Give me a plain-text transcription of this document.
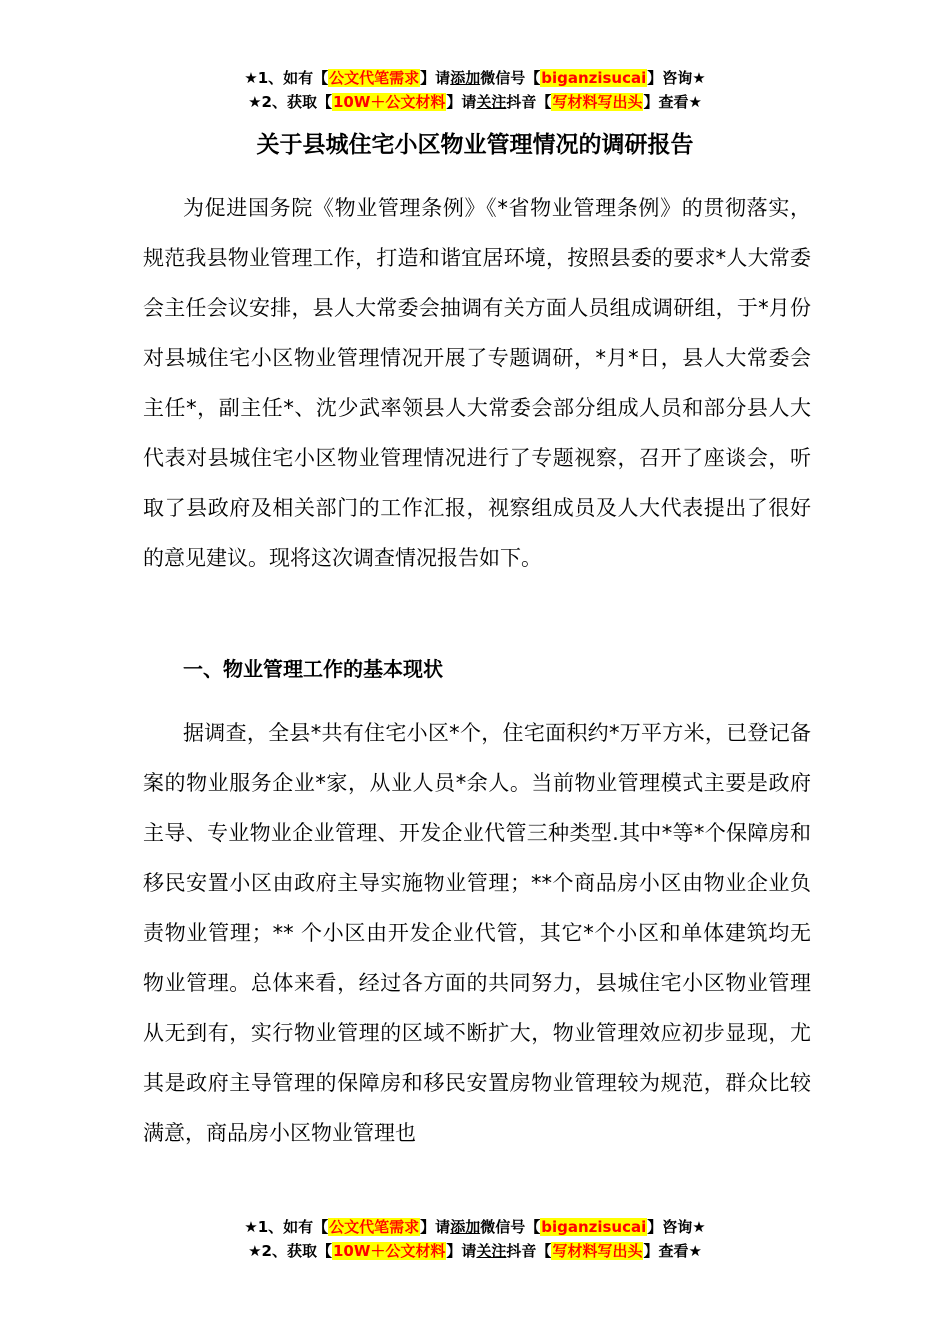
★1、如有【公文代笔需求】请添加微信号【biganzisucai】咨询★
★2、获取【10W＋公文材料】请关注抖音【写材料写出头】查看★
关于县城住宅小区物业管理情况的调研报告

为促进国务院《物业管理条例》《*省物业管理条例》的贯彻落实，规范我县物业管理工作，打造和谐宜居环境，按照县委的要求*人大常委会主任会议安排，县人大常委会抽调有关方面人员组成调研组，于*月份对县城住宅小区物业管理情况开展了专题调研，*月*日，县人大常委会主任*，副主任*、沈少武率领县人大常委会部分组成人员和部分县人大代表对县城住宅小区物业管理情况进行了专题视察，召开了座谈会，听取了县政府及相关部门的工作汇报，视察组成员及人大代表提出了很好的意见建议。现将这次调查情况报告如下。

一、物业管理工作的基本现状

据调查，全县*共有住宅小区*个，住宅面积约*万平方米，已登记备案的物业服务企业*家，从业人员*余人。当前物业管理模式主要是政府主导、专业物业企业管理、开发企业代管三种类型.其中*等*个保障房和移民安置小区由政府主导实施物业管理；**个商品房小区由物业企业负责物业管理；** 个小区由开发企业代管，其它*个小区和单体建筑均无物业管理。总体来看，经过各方面的共同努力，县城住宅小区物业管理从无到有，实行物业管理的区域不断扩大，物业管理效应初步显现，尤其是政府主导管理的保障房和移民安置房物业管理较为规范，群众比较满意，商品房小区物业管理也

★1、如有【公文代笔需求】请添加微信号【biganzisucai】咨询★
★2、获取【10W＋公文材料】请关注抖音【写材料写出头】查看★
